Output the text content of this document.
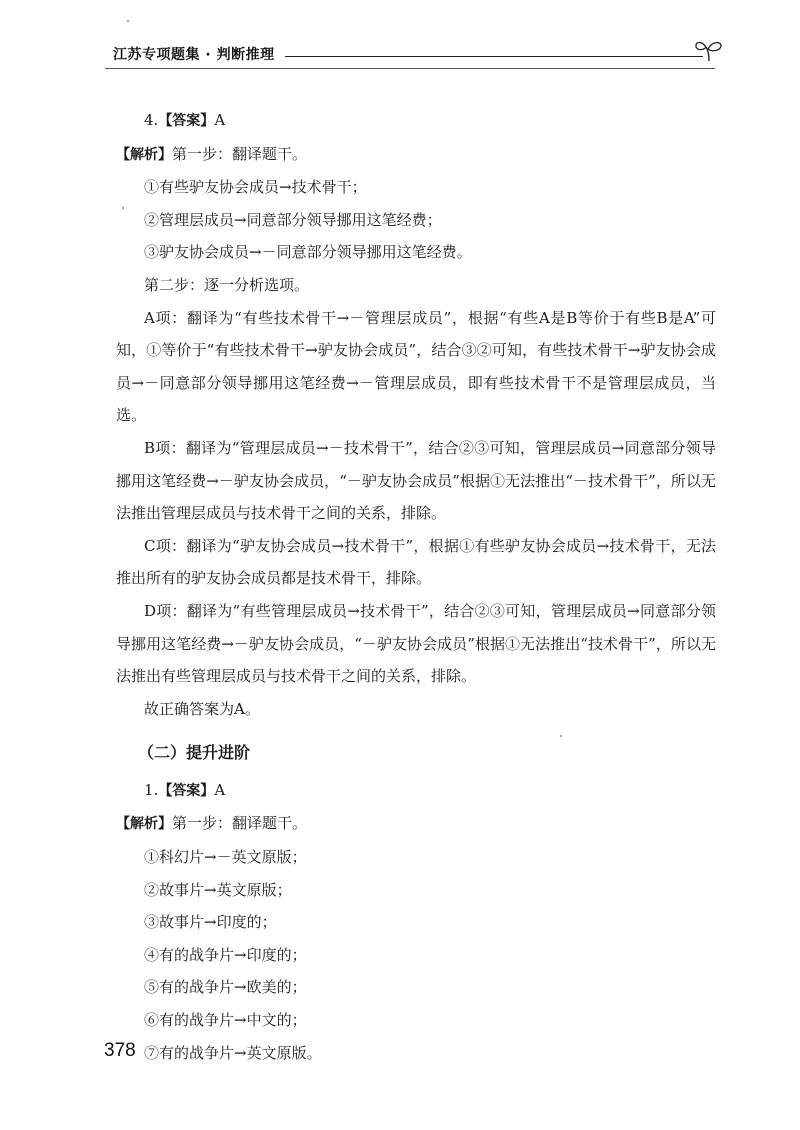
江苏专项题集 · 判断推理

4.【答案】A

【解析】第一步：翻译题干。

①有些驴友协会成员→技术骨干；

②管理层成员→同意部分领导挪用这笔经费；

③驴友协会成员→－同意部分领导挪用这笔经费。

第二步：逐一分析选项。

A项：翻译为“有些技术骨干→－管理层成员”，根据“有些A是B等价于有些B是A”可知，①等价于“有些技术骨干→驴友协会成员”，结合③②可知，有些技术骨干→驴友协会成员→－同意部分领导挪用这笔经费→－管理层成员，即有些技术骨干不是管理层成员，当选。

B项：翻译为“管理层成员→－技术骨干”，结合②③可知，管理层成员→同意部分领导挪用这笔经费→－驴友协会成员，“－驴友协会成员”根据①无法推出“－技术骨干”，所以无法推出管理层成员与技术骨干之间的关系，排除。

C项：翻译为“驴友协会成员→技术骨干”，根据①有些驴友协会成员→技术骨干，无法推出所有的驴友协会成员都是技术骨干，排除。

D项：翻译为“有些管理层成员→技术骨干”，结合②③可知，管理层成员→同意部分领导挪用这笔经费→－驴友协会成员，“－驴友协会成员”根据①无法推出“技术骨干”，所以无法推出有些管理层成员与技术骨干之间的关系，排除。

故正确答案为A。

（二）提升进阶

1.【答案】A

【解析】第一步：翻译题干。

①科幻片→－英文原版；

②故事片→英文原版；

③故事片→印度的；

④有的战争片→印度的；

⑤有的战争片→欧美的；

⑥有的战争片→中文的；

⑦有的战争片→英文原版。

378
